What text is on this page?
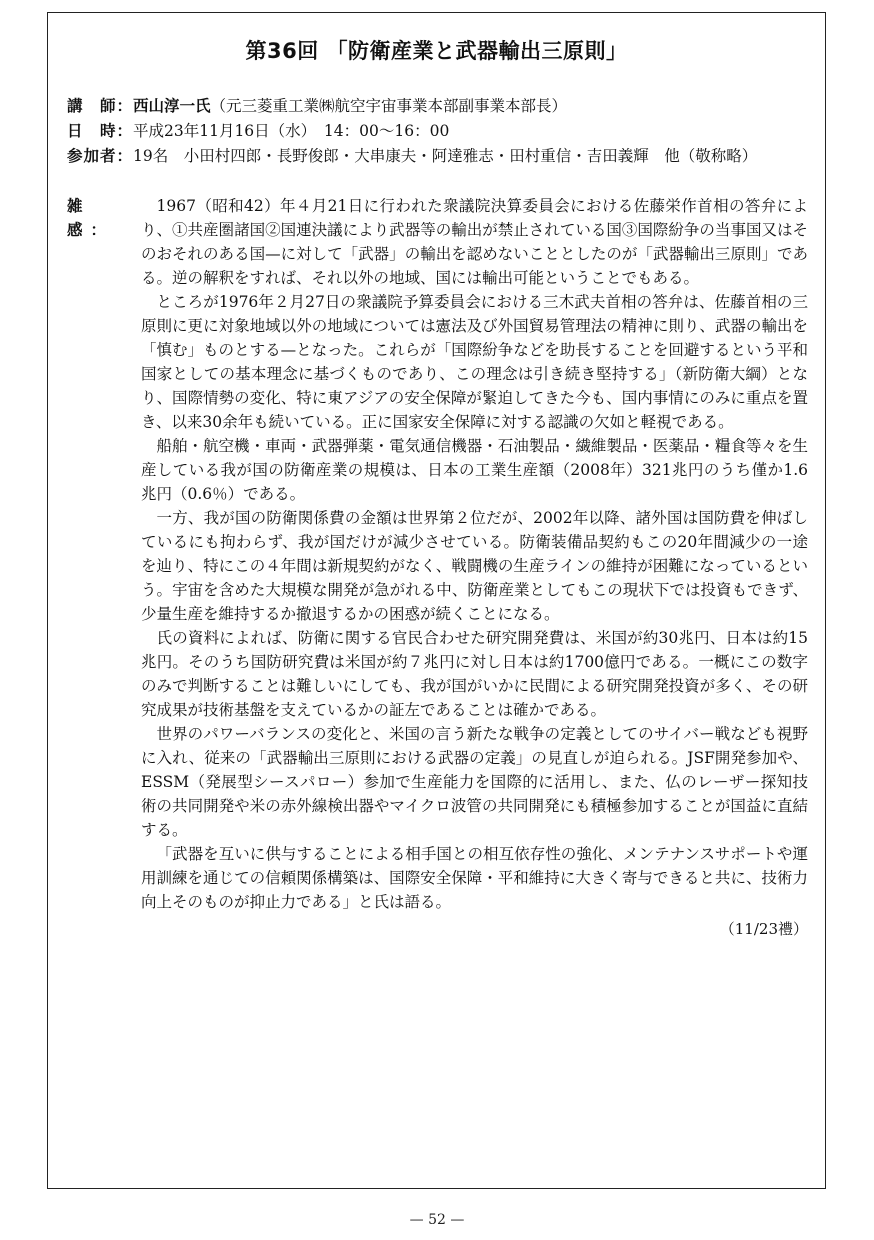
第36回 「防衛産業と武器輸出三原則」
講　師： 西山淳一氏 （元三菱重工業㈱航空宇宙事業本部副事業本部長）
日　時： 平成23年11月16日（水）　14：00～16：00
参加者： 19名　小田村四郎・長野俊郎・大串康夫・阿達雅志・田村重信・吉田義輝　他（敬称略）
雑　感：

1967（昭和42）年４月21日に行われた衆議院決算委員会における佐藤栄作首相の答弁により、①共産圏諸国②国連決議により武器等の輸出が禁止されている国③国際紛争の当事国又はそのおそれのある国—に対して「武器」の輸出を認めないこととしたのが「武器輸出三原則」である。逆の解釈をすれば、それ以外の地域、国には輸出可能ということでもある。

ところが1976年２月27日の衆議院予算委員会における三木武夫首相の答弁は、佐藤首相の三原則に更に対象地域以外の地域については憲法及び外国貿易管理法の精神に則り、武器の輸出を「慎む」ものとする—となった。これらが「国際紛争などを助長することを回避するという平和国家としての基本理念に基づくものであり、この理念は引き続き堅持する」（新防衛大綱）となり、国際情勢の変化、特に東アジアの安全保障が緊迫してきた今も、国内事情にのみに重点を置き、以来30余年も続いている。正に国家安全保障に対する認識の欠如と軽視である。

船舶・航空機・車両・武器弾薬・電気通信機器・石油製品・繊維製品・医薬品・糧食等々を生産している我が国の防衛産業の規模は、日本の工業生産額（2008年）321兆円のうち僅か1.6兆円（0.6％）である。

一方、我が国の防衛関係費の金額は世界第２位だが、2002年以降、諸外国は国防費を伸ばしているにも拘わらず、我が国だけが減少させている。防衛装備品契約もこの20年間減少の一途を辿り、特にこの４年間は新規契約がなく、戦闘機の生産ラインの維持が困難になっているという。宇宙を含めた大規模な開発が急がれる中、防衛産業としてもこの現状下では投資もできず、少量生産を維持するか撤退するかの困惑が続くことになる。

氏の資料によれば、防衛に関する官民合わせた研究開発費は、米国が約30兆円、日本は約15兆円。そのうち国防研究費は米国が約７兆円に対し日本は約1700億円である。一概にこの数字のみで判断することは難しいにしても、我が国がいかに民間による研究開発投資が多く、その研究成果が技術基盤を支えているかの証左であることは確かである。

世界のパワーバランスの変化と、米国の言う新たな戦争の定義としてのサイバー戦なども視野に入れ、従来の「武器輸出三原則における武器の定義」の見直しが迫られる。JSF開発参加や、ESSM（発展型シースパロー）参加で生産能力を国際的に活用し、また、仏のレーザー探知技術の共同開発や米の赤外線検出器やマイクロ波管の共同開発にも積極参加することが国益に直結する。

「武器を互いに供与することによる相手国との相互依存性の強化、メンテナンスサポートや運用訓練を通じての信頼関係構築は、国際安全保障・平和維持に大きく寄与できると共に、技術力向上そのものが抑止力である」と氏は語る。

（11/23禮）
— 52 —
